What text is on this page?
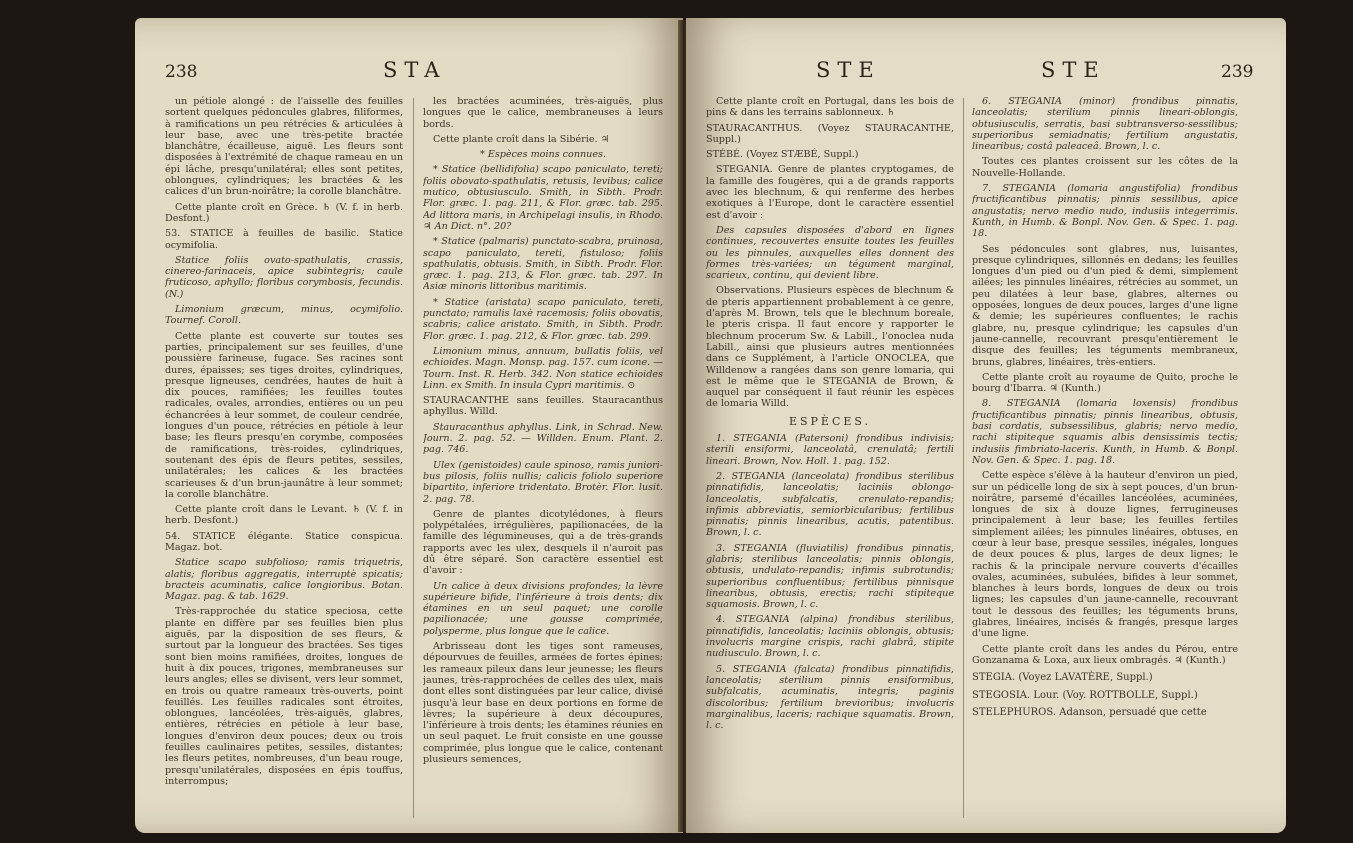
238	STA

un pétiole alongé : de l'aisselle des feuilles sortent quelques pédoncules glabres, filiformes, à ramifications un peu rétrécies & articulées à leur base, avec une très-petite bractée blanchâtre, écailleuse, aiguë. Les fleurs sont disposées à l'extrémité de chaque rameau en un épi lâche, presqu'unilatéral; elles sont petites, oblongues, cylindriques; les bractées & les calices d'un brun-noirâtre; la corolle blanchâtre.

Cette plante croît en Grèce. ♄ (V. f. in herb. Desfont.)

53. STATICE à feuilles de basilic. Statice ocymifolia.

Statice foliis ovato-spathulatis, crassis, cinereo-farinaceis, apice subintegris; caule fruticoso, aphyllo; floribus corymbosis, fecundis. (N.)

Limonium græcum, minus, ocymifolio. Tournef. Coroll.

Cette plante est couverte sur toutes ses parties, principalement sur ses feuilles, d'une poussière farineuse, fugace. Ses racines sont dures, épaisses; ses tiges droites, cylindriques, presque ligneuses, cendrées, hautes de huit à dix pouces, ramifiées; les feuilles toutes radicales, ovales, arrondies, entières ou un peu échancrées à leur sommet, de couleur cendrée, longues d'un pouce, rétrécies en pétiole à leur base; les fleurs presqu'en corymbe, composées de ramifications, très-roides, cylindriques, soutenant des épis de fleurs petites, sessiles, unilatérales; les calices & les bractées scarieuses & d'un brun-jaunâtre à leur sommet; la corolle blanchâtre.

Cette plante croît dans le Levant. ♄ (V. f. in herb. Desfont.)

54. STATICE élégante. Statice conspicua. Magaz. bot.

Statice scapo subfolioso; ramis triquetris, alatis; floribus aggregatis, interruptè spicatis; bracteis acuminatis, calice longioribus. Botan. Magaz. pag. & tab. 1629.

Très-rapprochée du statice speciosa, cette plante en diffère par ses feuilles bien plus aiguës, par la disposition de ses fleurs, & surtout par la longueur des bractées. Ses tiges sont bien moins ramifiées, droites, longues de huit à dix pouces, trigones, membraneuses sur leurs angles; elles se divisent, vers leur sommet, en trois ou quatre rameaux très-ouverts, point feuillés. Les feuilles radicales sont étroites, oblongues, lancéolées, très-aiguës, glabres, entières, rétrécies en pétiole à leur base, longues d'environ deux pouces; deux ou trois feuilles caulinaires petites, sessiles, distantes; les fleurs petites, nombreuses, d'un beau rouge, presqu'unilatérales, disposées en épis touffus, interrompus;

les bractées acuminées, très-aiguës, plus longues que le calice, membraneuses à leurs bords.

Cette plante croît dans la Sibérie. ♃

* Espèces moins connues.

* Statice (bellidifolia) scapo paniculato, tereti; foliis obovato-spathulatis, retusis, levibus; calice mutico, obtusiusculo. Smith, in Sibth. Prodr. Flor. græc. 1. pag. 211, & Flor. græc. tab. 295. Ad littora maris, in Archipelagi insulis, in Rhodo. ♃ An Dict. n°. 20?

* Statice (palmaris) punctato-scabra, pruinosa, scapo paniculato, tereti, fistuloso; foliis spathulatis, obtusis. Smith, in Sibth. Prodr. Flor. græc. 1. pag. 213, & Flor. græc. tab. 297. In Asiæ minoris littoribus maritimis.

* Statice (aristata) scapo paniculato, tereti, punctato; ramulis laxè racemosis; foliis obovatis, scabris; calice aristato. Smith, in Sibth. Prodr. Flor. græc. 1. pag. 212, & Flor. græc. tab. 299.

Limonium minus, annuum, bullatis foliis, vel echioides. Magn. Monsp. pag. 157. cum icone. — Tourn. Inst. R. Herb. 342. Non statice echioides Linn. ex Smith. In insula Cypri maritimis. ⊙

STAURACANTHE sans feuilles. Stauracanthus aphyllus. Willd.

Stauracanthus aphyllus. Link, in Schrad. New. Journ. 2. pag. 52. — Willden. Enum. Plant. 2. pag. 746.

Ulex (genistoides) caule spinoso, ramis juniori-bus pilosis, foliis nullis; calicis foliolo superiore bipartito, inferiore tridentato. Brotèr. Flor. lusit. 2. pag. 78.

Genre de plantes dicotylédones, à fleurs polypétalées, irrégulières, papilionacées, de la famille des légumineuses, qui a de très-grands rapports avec les ulex, desquels il n'auroit pas dû être séparé. Son caractère essentiel est d'avoir :

Un calice à deux divisions profondes; la lèvre supérieure bifide, l'inférieure à trois dents; dix étamines en un seul paquet; une corolle papilionacée; une gousse comprimée, polysperme, plus longue que le calice.

Arbrisseau dont les tiges sont rameuses, dépourvues de feuilles, armées de fortes épines; les rameaux pileux dans leur jeunesse; les fleurs jaunes, très-rapprochées de celles des ulex, mais dont elles sont distinguées par leur calice, divisé jusqu'à leur base en deux portions en forme de lèvres; la supérieure à deux découpures, l'inférieure à trois dents; les étamines réunies en un seul paquet. Le fruit consiste en une gousse comprimée, plus longue que le calice, contenant plusieurs semences,

STE	STE	239

Cette plante croît en Portugal, dans les bois de pins & dans les terrains sablonneux. ♄

STAURACANTHUS. (Voyez STAURACANTHE, Suppl.)

STÉBÉ. (Voyez STÆBÉ, Suppl.)

STEGANIA. Genre de plantes cryptogames, de la famille des fougères, qui a de grands rapports avec les blechnum, & qui renferme des herbes exotiques à l'Europe, dont le caractère essentiel est d'avoir :

Des capsules disposées d'abord en lignes continues, recouvertes ensuite toutes les feuilles ou les pinnules, auxquelles elles donnent des formes très-variées; un tégument marginal, scarieux, continu, qui devient libre.

Observations. Plusieurs espèces de blechnum & de pteris appartiennent probablement à ce genre, d'après M. Brown, tels que le blechnum boreale, le pteris crispa. Il faut encore y rapporter le blechnum procerum Sw. & Labill., l'onoclea nuda Labill., ainsi que plusieurs autres mentionnées dans ce Supplément, à l'article ONOCLEA, que Willdenow a rangées dans son genre lomaria, qui est le même que le STEGANIA de Brown, & auquel par conséquent il faut réunir les espèces de lomaria Willd.

ESPÈCES.

1. STEGANIA (Patersoni) frondibus indivisis; sterili ensiformi, lanceolatâ, crenulatâ; fertili lineari. Brown, Nov. Holl. 1. pag. 152.

2. STEGANIA (lanceolata) frondibus sterilibus pinnatifidis, lanceolatis; laciniis oblongo-lanceolatis, subfalcatis, crenulato-repandis; infimis abbreviatis, semiorbicularibus; fertilibus pinnatis; pinnis linearibus, acutis, patentibus. Brown, l. c.

3. STEGANIA (fluviatilis) frondibus pinnatis, glabris; sterilibus lanceolatis; pinnis oblongis, obtusis, undulato-repandis; infimis subrotundis; superioribus confluentibus; fertilibus pinnisque linearibus, obtusis, erectis; rachi stipiteque squamosis. Brown, l. c.

4. STEGANIA (alpina) frondibus sterilibus, pinnatifidis, lanceolatis; laciniis oblongis, obtusis; involucris margine crispis, rachi glabrâ, stipite nudiusculo. Brown, l. c.

5. STEGANIA (falcata) frondibus pinnatifidis, lanceolatis; sterilium pinnis ensiformibus, subfalcatis, acuminatis, integris; paginis discoloribus; fertilium brevioribus; involucris marginalibus, laceris; rachique squamatis. Brown, l. c.

6. STEGANIA (minor) frondibus pinnatis, lanceolatis; sterilium pinnis lineari-oblongis, obtusiusculis, serratis, basi subtransverso-sessilibus; superioribus semiadnatis; fertilium angustatis, linearibus; costâ paleaceâ. Brown, l. c.

Toutes ces plantes croissent sur les côtes de la Nouvelle-Hollande.

7. STEGANIA (lomaria angustifolia) frondibus fructificantibus pinnatis; pinnis sessilibus, apice angustatis; nervo medio nudo, indusiis integerrimis. Kunth, in Humb. & Bonpl. Nov. Gen. & Spec. 1. pag. 18.

Ses pédoncules sont glabres, nus, luisantes, presque cylindriques, sillonnés en dedans; les feuilles longues d'un pied ou d'un pied & demi, simplement ailées; les pinnules linéaires, rétrécies au sommet, un peu dilatées à leur base, glabres, alternes ou opposées, longues de deux pouces, larges d'une ligne & demie; les supérieures confluentes; le rachis glabre, nu, presque cylindrique; les capsules d'un jaune-cannelle, recouvrant presqu'entièrement le disque des feuilles; les téguments membraneux, bruns, glabres, linéaires, très-entiers.

Cette plante croît au royaume de Quito, proche le bourg d'Ibarra. ♃ (Kunth.)

8. STEGANIA (lomaria loxensis) frondibus fructificantibus pinnatis; pinnis linearibus, obtusis, basi cordatis, subsessilibus, glabris; nervo medio, rachi stipiteque squamis albis densissimis tectis; indusiis fimbriato-laceris. Kunth, in Humb. & Bonpl. Nov. Gen. & Spec. 1. pag. 18.

Cette espèce s'élève à la hauteur d'environ un pied, sur un pédicelle long de six à sept pouces, d'un brun-noirâtre, parsemé d'écailles lancéolées, acuminées, longues de six à douze lignes, ferrugineuses principalement à leur base; les feuilles fertiles simplement ailées; les pinnules linéaires, obtuses, en cœur à leur base, presque sessiles, inégales, longues de deux pouces & plus, larges de deux lignes; le rachis & la principale nervure couverts d'écailles ovales, acuminées, subulées, bifides à leur sommet, blanches à leurs bords, longues de deux ou trois lignes; les capsules d'un jaune-cannelle, recouvrant tout le dessous des feuilles; les téguments bruns, glabres, linéaires, incisés & frangés, presque larges d'une ligne.

Cette plante croît dans les andes du Pérou, entre Gonzanama & Loxa, aux lieux ombragés. ♃ (Kunth.)

STEGIA. (Voyez LAVATÈRE, Suppl.)

STEGOSIA. Lour. (Voy. ROTTBOLLE, Suppl.)

STELEPHUROS. Adanson, persuadé que cette
